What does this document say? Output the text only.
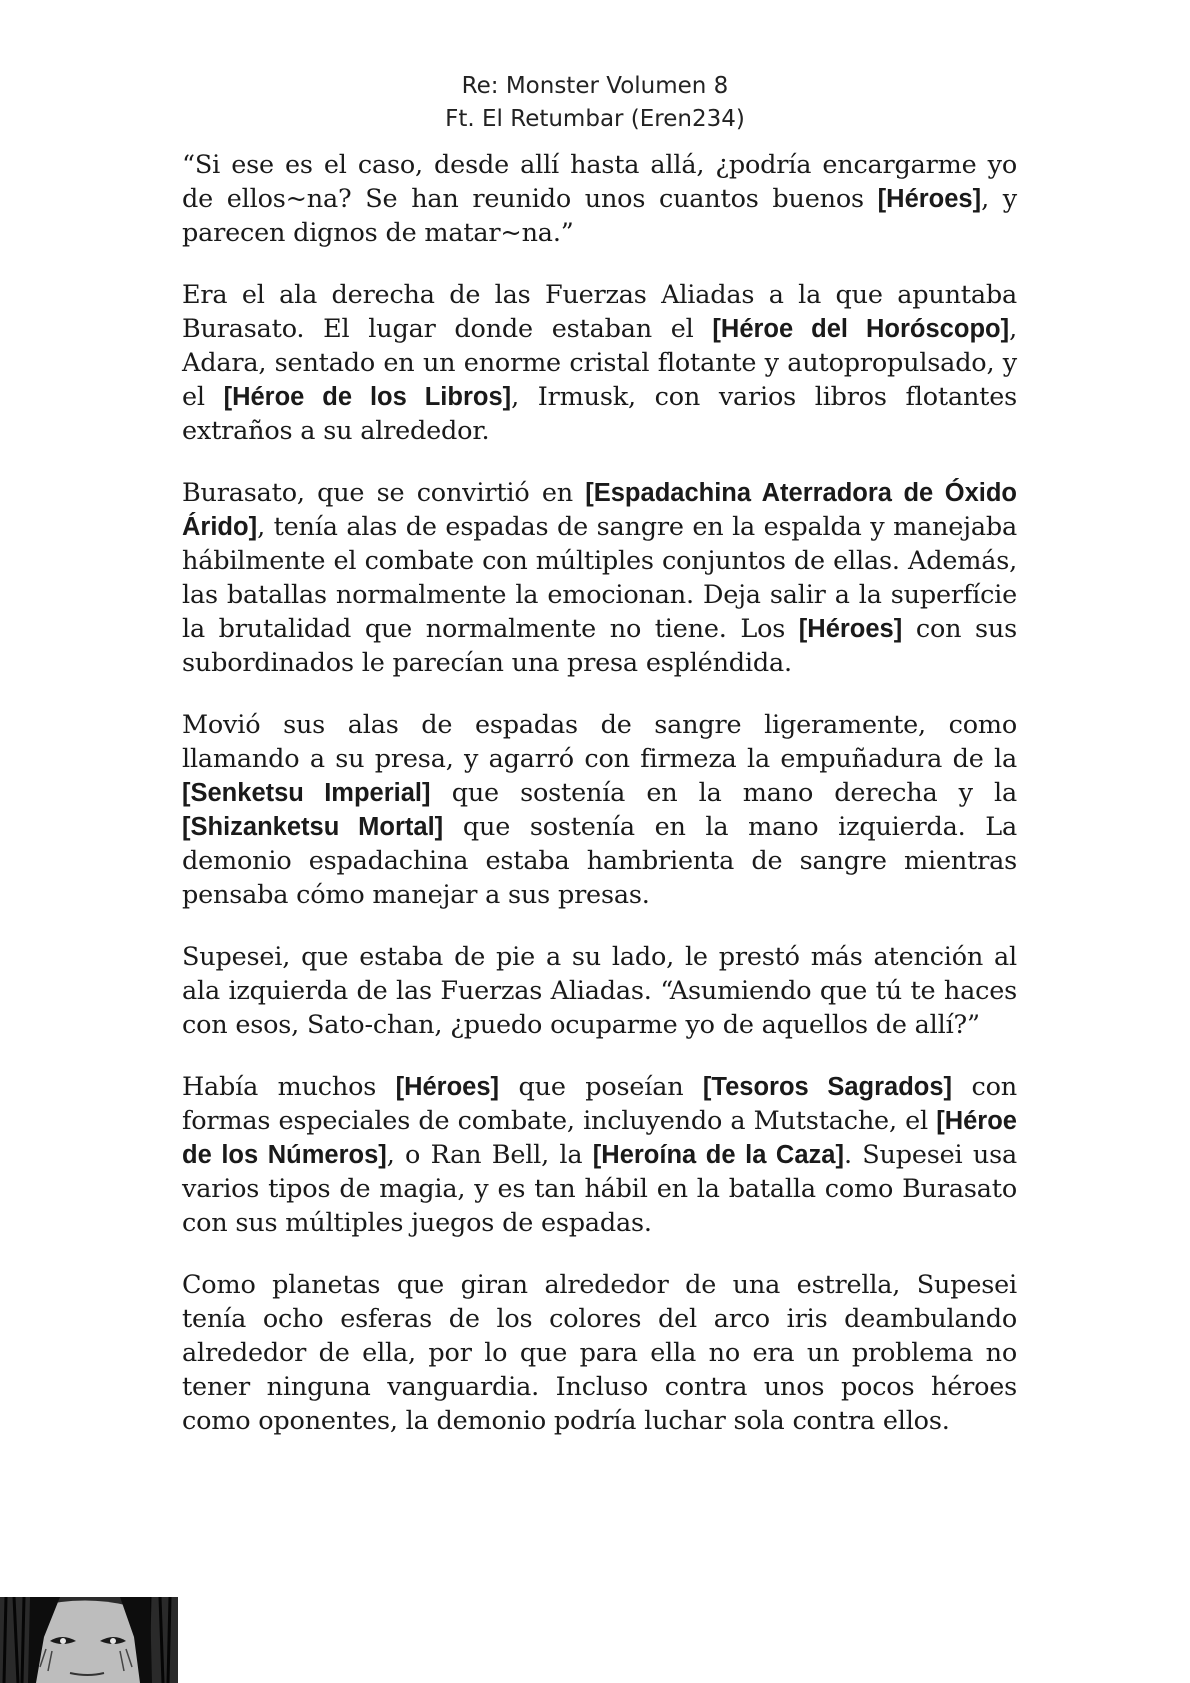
Re: Monster Volumen 8
Ft. El Retumbar (Eren234)

“Si ese es el caso, desde allí hasta allá, ¿podría encargarme yo de ellos~na? Se han reunido unos cuantos buenos [Héroes], y parecen dignos de matar~na.”

Era el ala derecha de las Fuerzas Aliadas a la que apuntaba Burasato. El lugar donde estaban el [Héroe del Horóscopo], Adara, sentado en un enorme cristal flotante y autopropulsado, y el [Héroe de los Libros], Irmusk, con varios libros flotantes extraños a su alrededor.

Burasato, que se convirtió en [Espadachina Aterradora de Óxido Árido], tenía alas de espadas de sangre en la espalda y manejaba hábilmente el combate con múltiples conjuntos de ellas. Además, las batallas normalmente la emocionan. Deja salir a la superfície la brutalidad que normalmente no tiene. Los [Héroes] con sus subordinados le parecían una presa espléndida.

Movió sus alas de espadas de sangre ligeramente, como llamando a su presa, y agarró con firmeza la empuñadura de la [Senketsu Imperial] que sostenía en la mano derecha y la [Shizanketsu Mortal] que sostenía en la mano izquierda. La demonio espadachina estaba hambrienta de sangre mientras pensaba cómo manejar a sus presas.

Supesei, que estaba de pie a su lado, le prestó más atención al ala izquierda de las Fuerzas Aliadas. “Asumiendo que tú te haces con esos, Sato-chan, ¿puedo ocuparme yo de aquellos de allí?”

Había muchos [Héroes] que poseían [Tesoros Sagrados] con formas especiales de combate, incluyendo a Mutstache, el [Héroe de los Números], o Ran Bell, la [Heroína de la Caza]. Supesei usa varios tipos de magia, y es tan hábil en la batalla como Burasato con sus múltiples juegos de espadas.

Como planetas que giran alrededor de una estrella, Supesei tenía ocho esferas de los colores del arco iris deambulando alrededor de ella, por lo que para ella no era un problema no tener ninguna vanguardia. Incluso contra unos pocos héroes como oponentes, la demonio podría luchar sola contra ellos.
